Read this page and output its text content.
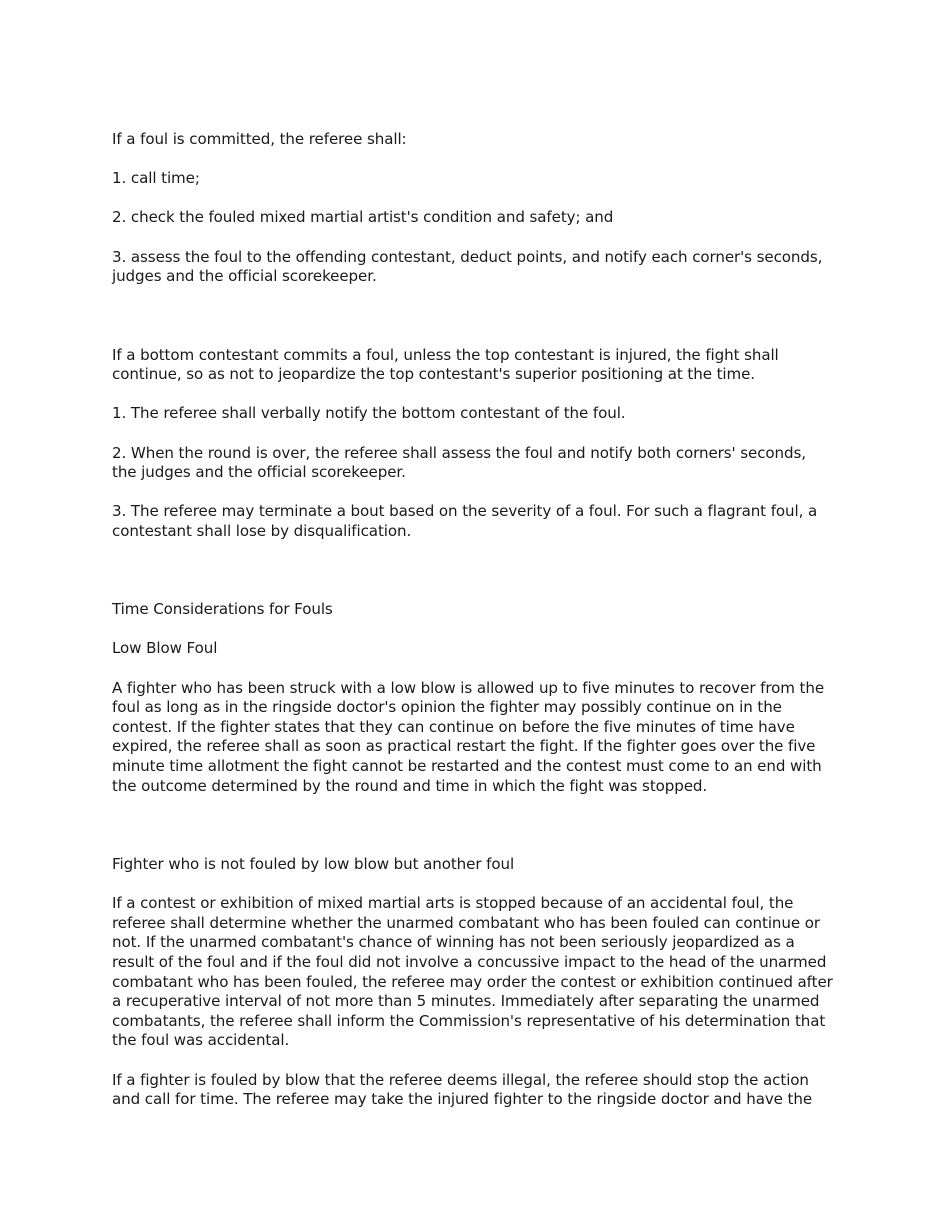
If a foul is committed, the referee shall:

1. call time;

2. check the fouled mixed martial artist's condition and safety; and

3. assess the foul to the offending contestant, deduct points, and notify each corner's seconds,

judges and the official scorekeeper.

If a bottom contestant commits a foul, unless the top contestant is injured, the fight shall

continue, so as not to jeopardize the top contestant's superior positioning at the time.

1. The referee shall verbally notify the bottom contestant of the foul.

2. When the round is over, the referee shall assess the foul and notify both corners' seconds,

the judges and the official scorekeeper.

3. The referee may terminate a bout based on the severity of a foul. For such a flagrant foul, a

contestant shall lose by disqualification.

Time Considerations for Fouls

Low Blow Foul

A fighter who has been struck with a low blow is allowed up to five minutes to recover from the

foul as long as in the ringside doctor's opinion the fighter may possibly continue on in the

contest. If the fighter states that they can continue on before the five minutes of time have

expired, the referee shall as soon as practical restart the fight. If the fighter goes over the five

minute time allotment the fight cannot be restarted and the contest must come to an end with

the outcome determined by the round and time in which the fight was stopped.

Fighter who is not fouled by low blow but another foul

If a contest or exhibition of mixed martial arts is stopped because of an accidental foul, the

referee shall determine whether the unarmed combatant who has been fouled can continue or

not. If the unarmed combatant's chance of winning has not been seriously jeopardized as a

result of the foul and if the foul did not involve a concussive impact to the head of the unarmed

combatant who has been fouled, the referee may order the contest or exhibition continued after

a recuperative interval of not more than 5 minutes. Immediately after separating the unarmed

combatants, the referee shall inform the Commission's representative of his determination that

the foul was accidental.

If a fighter is fouled by blow that the referee deems illegal, the referee should stop the action

and call for time. The referee may take the injured fighter to the ringside doctor and have the
